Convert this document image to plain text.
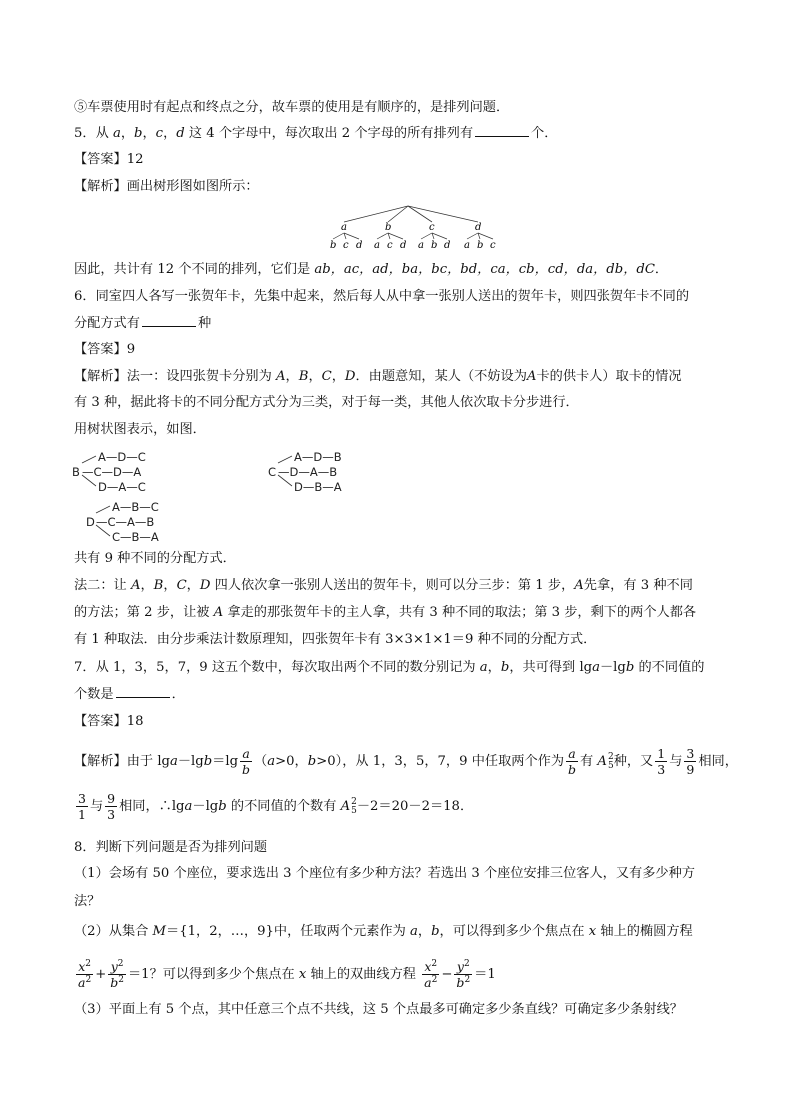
⑤车票使用时有起点和终点之分，故车票的使用是有顺序的，是排列问题．
5．从 a，b，c，d 这 4 个字母中，每次取出 2 个字母的所有排列有	个．
【答案】12
【解析】画出树形图如图所示：
a
b c d
b
a c d
c
a b d
d
a b c
因此，共计有 12 个不同的排列，它们是 ab，ac，ad，ba，bc，bd，ca，cb，cd，da，db，dC．
6．同室四人各写一张贺年卡，先集中起来，然后每人从中拿一张别人送出的贺年卡，则四张贺年卡不同的
分配方式有	种
【答案】9
【解析】法一：设四张贺卡分别为 A，B，C，D．由题意知，某人（不妨设为A卡的供卡人）取卡的情况
有 3 种，据此将卡的不同分配方式分为三类，对于每一类，其他人依次取卡分步进行．
用树状图表示，如图．
B
A—D—C
—C—D—A
D—A—C
C
A—D—B
—D—A—B
D—B—A
D
A—B—C
—C—A—B
C—B—A
共有 9 种不同的分配方式．
法二：让 A，B，C，D 四人依次拿一张别人送出的贺年卡，则可以分三步：第 1 步，A先拿，有 3 种不同
的方法；第 2 步，让被 A 拿走的那张贺年卡的主人拿，共有 3 种不同的取法；第 3 步，剩下的两个人都各
有 1 种取法．由分步乘法计数原理知，四张贺年卡有 3×3×1×1＝9 种不同的分配方式．
7．从 1，3，5，7，9 这五个数中，每次取出两个不同的数分别记为 a，b，共可得到 lga－lgb 的不同值的
个数是	．
【答案】18
【解析】由于 $\lg a-\lg b=\lg \frac{a}{b} (a>0$，b>0），从 1，3，5，7，9 中任取两个作为 $\frac{a}{b}$ 有 A 2
5 种，又 $\frac{1}{3}$ 与 $\frac{3}{9}$ 相同，
$\frac{3}{1}$ 与 $\frac{9}{3}$ 相同，∴lga－lgb 的不同值的个数有 A 2
5 －2＝20－2＝18．
8．判断下列问题是否为排列问题
（1）会场有 50 个座位，要求选出 3 个座位有多少种方法？若选出 3 个座位安排三位客人，又有多少种方
法？
（2）从集合 M＝{1，2，…，9}中，任取两个元素作为 a，b，可以得到多少个焦点在 x 轴上的椭圆方程
$\frac{x^2}{a^2} + \frac{y^2}{b^2} =1$？可以得到多少个焦点在 x 轴上的双曲线方程 $\frac{x^2}{a^2} - \frac{y^2}{b^2} =1$
（3）平面上有 5 个点，其中任意三个点不共线，这 5 个点最多可确定多少条直线？可确定多少条射线？
